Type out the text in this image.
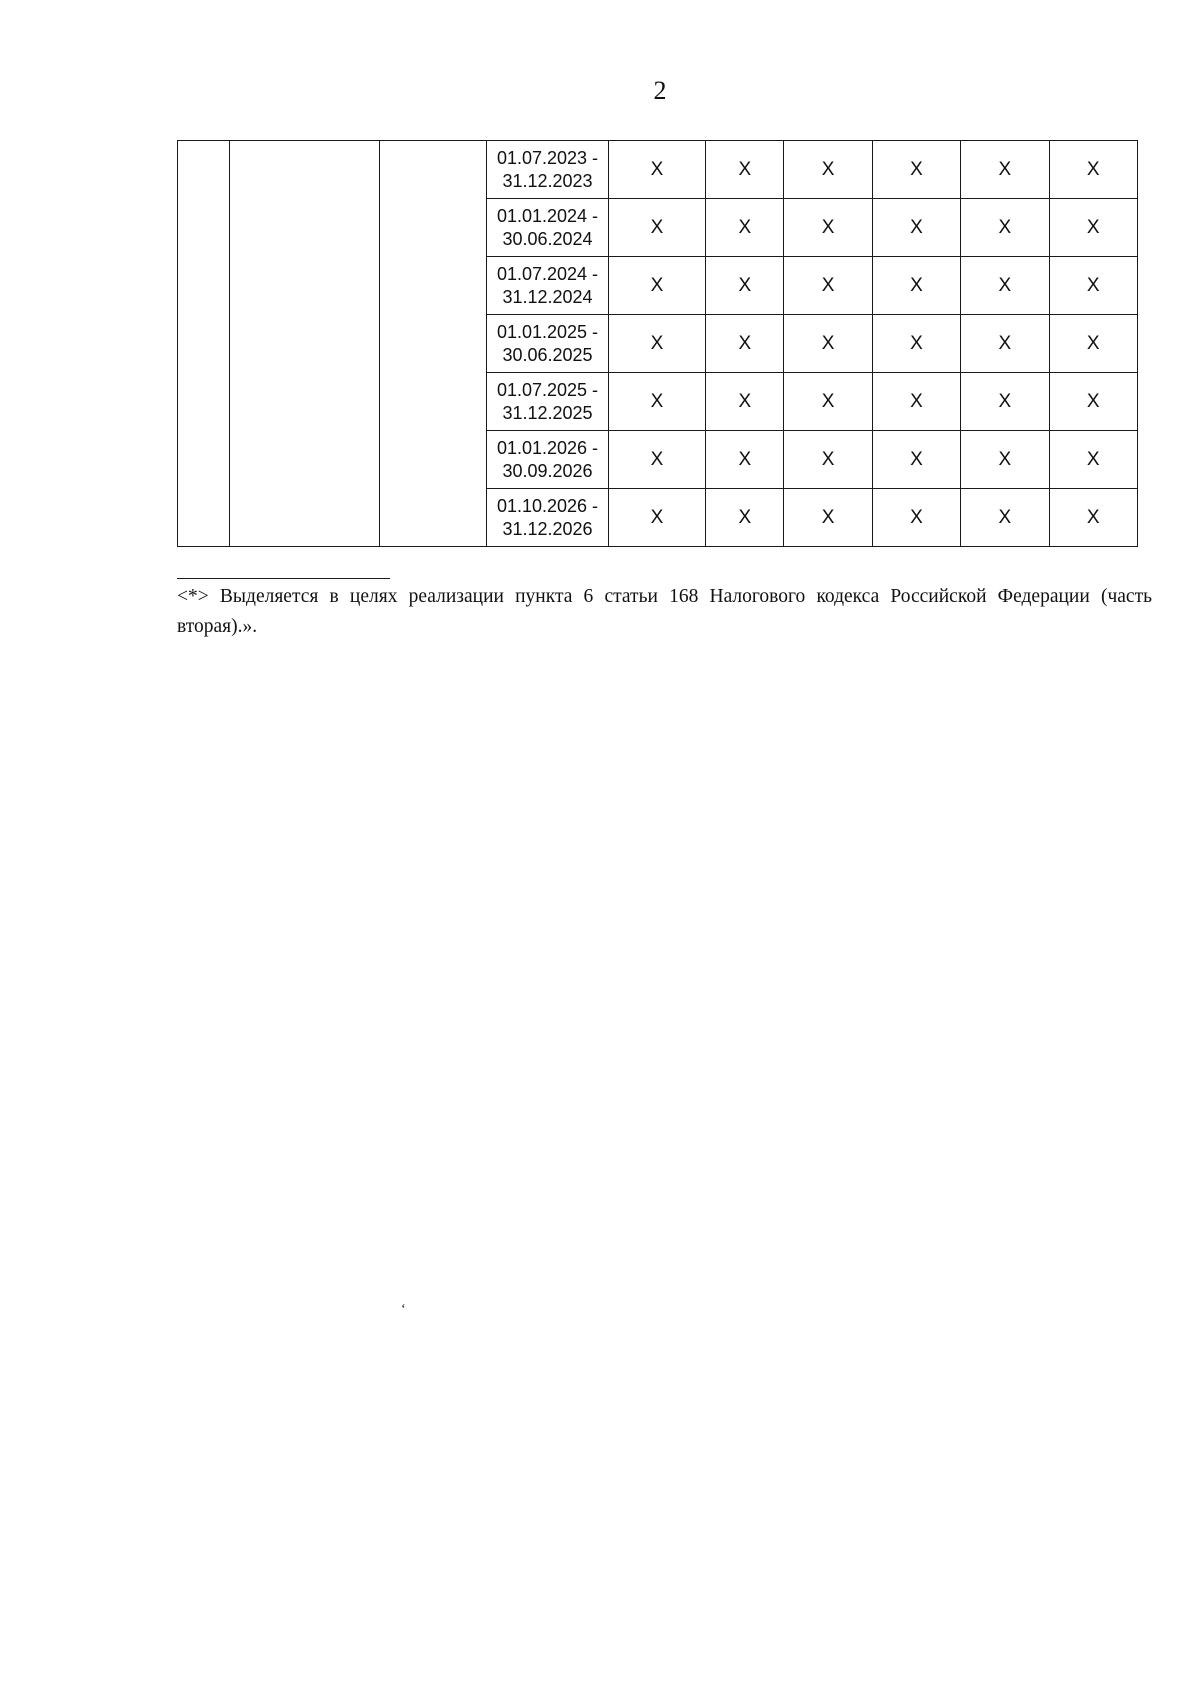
2

			01.07.2023 -
31.12.2023	X	X	X	X	X	X

			01.01.2024 -
30.06.2024	X	X	X	X	X	X

			01.07.2024 -
31.12.2024	X	X	X	X	X	X

			01.01.2025 -
30.06.2025	X	X	X	X	X	X

			01.07.2025 -
31.12.2025	X	X	X	X	X	X

			01.01.2026 -
30.09.2026	X	X	X	X	X	X

			01.10.2026 -
31.12.2026	X	X	X	X	X	X
<*> Выделяется в целях реализации пункта 6 статьи 168 Налогового кодекса Российской Федерации (часть вторая).».
ʻ
